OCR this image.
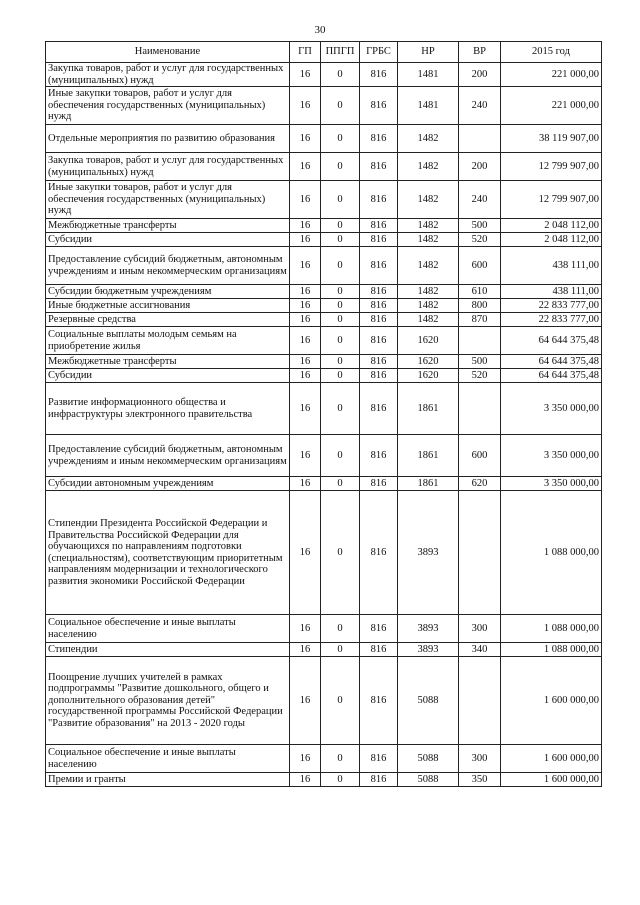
30
Наименование	ГП	ППГП	ГРБС	НР	ВР	2015 год
Закупка товаров, работ и услуг для государственных (муниципальных) нужд	16	0	816	1481	200	221 000,00
Иные закупки товаров, работ и услуг для обеспечения государственных (муниципальных) нужд	16	0	816	1481	240	221 000,00
Отдельные мероприятия по развитию образования	16	0	816	1482		38 119 907,00
Закупка товаров, работ и услуг для государственных (муниципальных) нужд	16	0	816	1482	200	12 799 907,00
Иные закупки товаров, работ и услуг для обеспечения государственных (муниципальных) нужд	16	0	816	1482	240	12 799 907,00
Межбюджетные трансферты	16	0	816	1482	500	2 048 112,00
Субсидии	16	0	816	1482	520	2 048 112,00
Предоставление субсидий бюджетным, автономным учреждениям и иным некоммерческим организациям	16	0	816	1482	600	438 111,00
Субсидии бюджетным учреждениям	16	0	816	1482	610	438 111,00
Иные бюджетные ассигнования	16	0	816	1482	800	22 833 777,00
Резервные средства	16	0	816	1482	870	22 833 777,00
Социальные выплаты молодым семьям на приобретение жилья	16	0	816	1620		64 644 375,48
Межбюджетные трансферты	16	0	816	1620	500	64 644 375,48
Субсидии	16	0	816	1620	520	64 644 375,48
Развитие информационного общества и инфраструктуры электронного правительства	16	0	816	1861		3 350 000,00
Предоставление субсидий бюджетным, автономным учреждениям и иным некоммерческим организациям	16	0	816	1861	600	3 350 000,00
Субсидии автономным учреждениям	16	0	816	1861	620	3 350 000,00
Стипендии Президента Российской Федерации и Правительства Российской Федерации для обучающихся по направлениям подготовки (специальностям), соответствующим приоритетным направлениям модернизации и технологического развития экономики Российской Федерации	16	0	816	3893		1 088 000,00
Социальное обеспечение и иные выплаты населению	16	0	816	3893	300	1 088 000,00
Стипендии	16	0	816	3893	340	1 088 000,00
Поощрение лучших учителей в рамках подпрограммы "Развитие дошкольного, общего и дополнительного образования детей" государственной программы Российской Федерации "Развитие образования" на 2013 - 2020 годы	16	0	816	5088		1 600 000,00
Социальное обеспечение и иные выплаты населению	16	0	816	5088	300	1 600 000,00
Премии и гранты	16	0	816	5088	350	1 600 000,00
